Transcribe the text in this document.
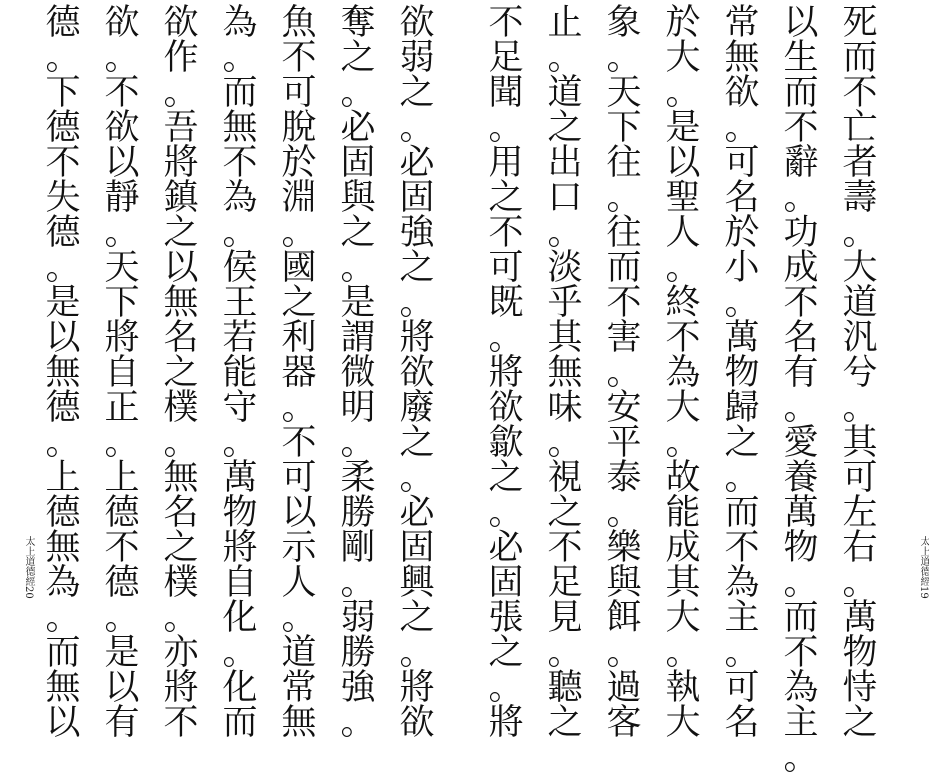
欲
弱
之
。
必
固
強
之
。
將
欲
廢
之
。
必
固
興
之
。
將
欲
奪
之
。
必
固
與
之
。
是
謂
微
明
。
柔
勝
剛
。
弱
勝
強
。
魚
不
可
脫
於
淵
。
國
之
利
器
。
不
可
以
示
人
。
道
常
無
為
。
而
無
不
為
。
侯
王
若
能
守
。
萬
物
將
自
化
。
化
而
欲
作
。
吾
將
鎮
之
以
無
名
之
樸
。
無
名
之
樸
。
亦
將
不
欲
。
不
欲
以
靜
。
天
下
將
自
正
。
上
德
不
德
。
是
以
有
德
。
下
德
不
失
德
。
是
以
無
德
。
上
德
無
為
。
而
無
以
太上道德經20
死
而
不
亡
者
壽
。
大
道
汎
兮
。
其
可
左
右
。
萬
物
恃
之
以
生
而
不
辭
。
功
成
不
名
有
。
愛
養
萬
物
。
而
不
為
主
。
常
無
欲
。
可
名
於
小
。
萬
物
歸
之
。
而
不
為
主
。
可
名
於
大
。
是
以
聖
人
。
終
不
為
大
。
故
能
成
其
大
。
執
大
象
。
天
下
往
。
往
而
不
害
。
安
平
泰
。
樂
與
餌
。
過
客
止
。
道
之
出
口
。
淡
乎
其
無
味
。
視
之
不
足
見
。
聽
之
不
足
聞
。
用
之
不
可
既
。
將
欲
歙
之
。
必
固
張
之
。
將
太上道德經19
